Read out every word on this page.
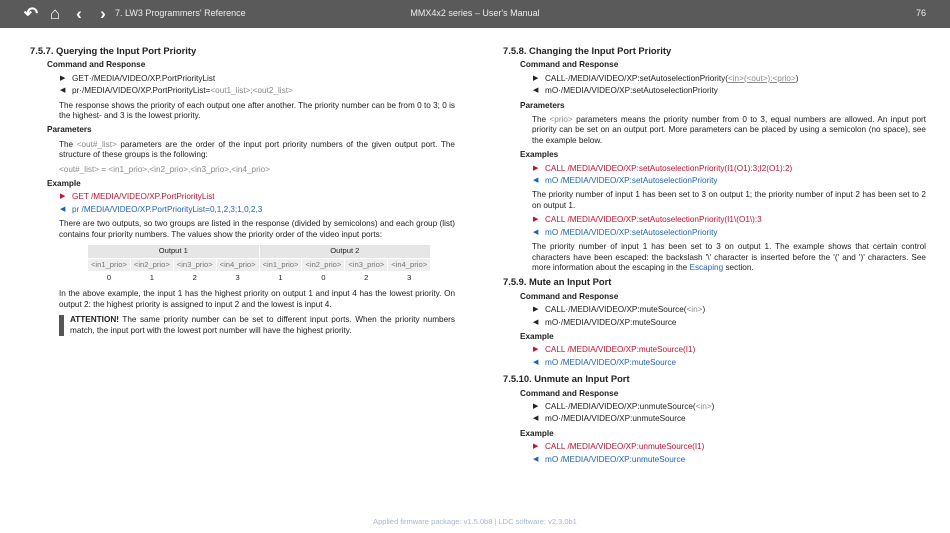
↶ ⌂ ‹	›	7. LW3 Programmers' Reference	MMX4x2 series – User's Manual	76
7.5.7. Querying the Input Port Priority
Command and Response
▶ GET·/MEDIA/VIDEO/XP.PortPriorityList
◀ pr·/MEDIA/VIDEO/XP.PortPriorityList=<out1_list>;<out2_list>
The response shows the priority of each output one after another. The priority number can be from 0 to 3; 0 is the highest- and 3 is the lowest priority.
Parameters
The <out#_list> parameters are the order of the input port priority numbers of the given output port. The structure of these groups is the following:
<out#_list> = <in1_prio>,<in2_prio>,<in3_prio>,<in4_prio>
Example
▶ GET /MEDIA/VIDEO/XP.PortPriorityList
◀ pr /MEDIA/VIDEO/XP.PortPriorityList=0,1,2,3;1,0,2,3
There are two outputs, so two groups are listed in the response (divided by semicolons) and each group (list) contains four priority numbers. The values show the priority order of the video input ports:
Output 1				Output 2			
<in1_prio>	<in2_prio>	<in3_prio>	<in4_prio>	<in1_prio>	<in2_prio>	<in3_prio>	<in4_prio>
0	1	2	3	1	0	2	3
In the above example, the input 1 has the highest priority on output 1 and input 4 has the lowest priority. On output 2: the highest priority is assigned to input 2 and the lowest is input 4.
ATTENTION! The same priority number can be set to different input ports. When the priority numbers match, the input port with the lowest port number will have the highest priority.
7.5.8. Changing the Input Port Priority
Command and Response
▶ CALL·/MEDIA/VIDEO/XP:setAutoselectionPriority(<in>(<out>):<prio>)
◀ mO·/MEDIA/VIDEO/XP:setAutoselectionPriority
Parameters
The <prio> parameters means the priority number from 0 to 3, equal numbers are allowed. An input port priority can be set on an output port. More parameters can be placed by using a semicolon (no space), see the example below.
Examples
▶ CALL /MEDIA/VIDEO/XP:setAutoselectionPriority(I1(O1):3;I2(O1):2)
◀ mO /MEDIA/VIDEO/XP:setAutoselectionPriority
The priority number of input 1 has been set to 3 on output 1; the priority number of input 2 has been set to 2 on output 1.
▶ CALL /MEDIA/VIDEO/XP:setAutoselectionPriority(I1\(O1\):3
◀ mO /MEDIA/VIDEO/XP:setAutoselectionPriority
The priority number of input 1 has been set to 3 on output 1. The example shows that certain control characters have been escaped: the backslash '\' character is inserted before the '(' and ')' characters. See more information about the escaping in the Escaping section.
7.5.9. Mute an Input Port
Command and Response
▶ CALL·/MEDIA/VIDEO/XP:muteSource(<in>)
◀ mO·/MEDIA/VIDEO/XP:muteSource
Example
▶ CALL /MEDIA/VIDEO/XP:muteSource(I1)
◀ mO /MEDIA/VIDEO/XP:muteSource
7.5.10. Unmute an Input Port
Command and Response
▶ CALL·/MEDIA/VIDEO/XP:unmuteSource(<in>)
◀ mO·/MEDIA/VIDEO/XP:unmuteSource
Example
▶ CALL /MEDIA/VIDEO/XP:unmuteSource(I1)
◀ mO /MEDIA/VIDEO/XP:unmuteSource
Applied firmware package: v1.5.0b8 | LDC software: v2.3.0b1
